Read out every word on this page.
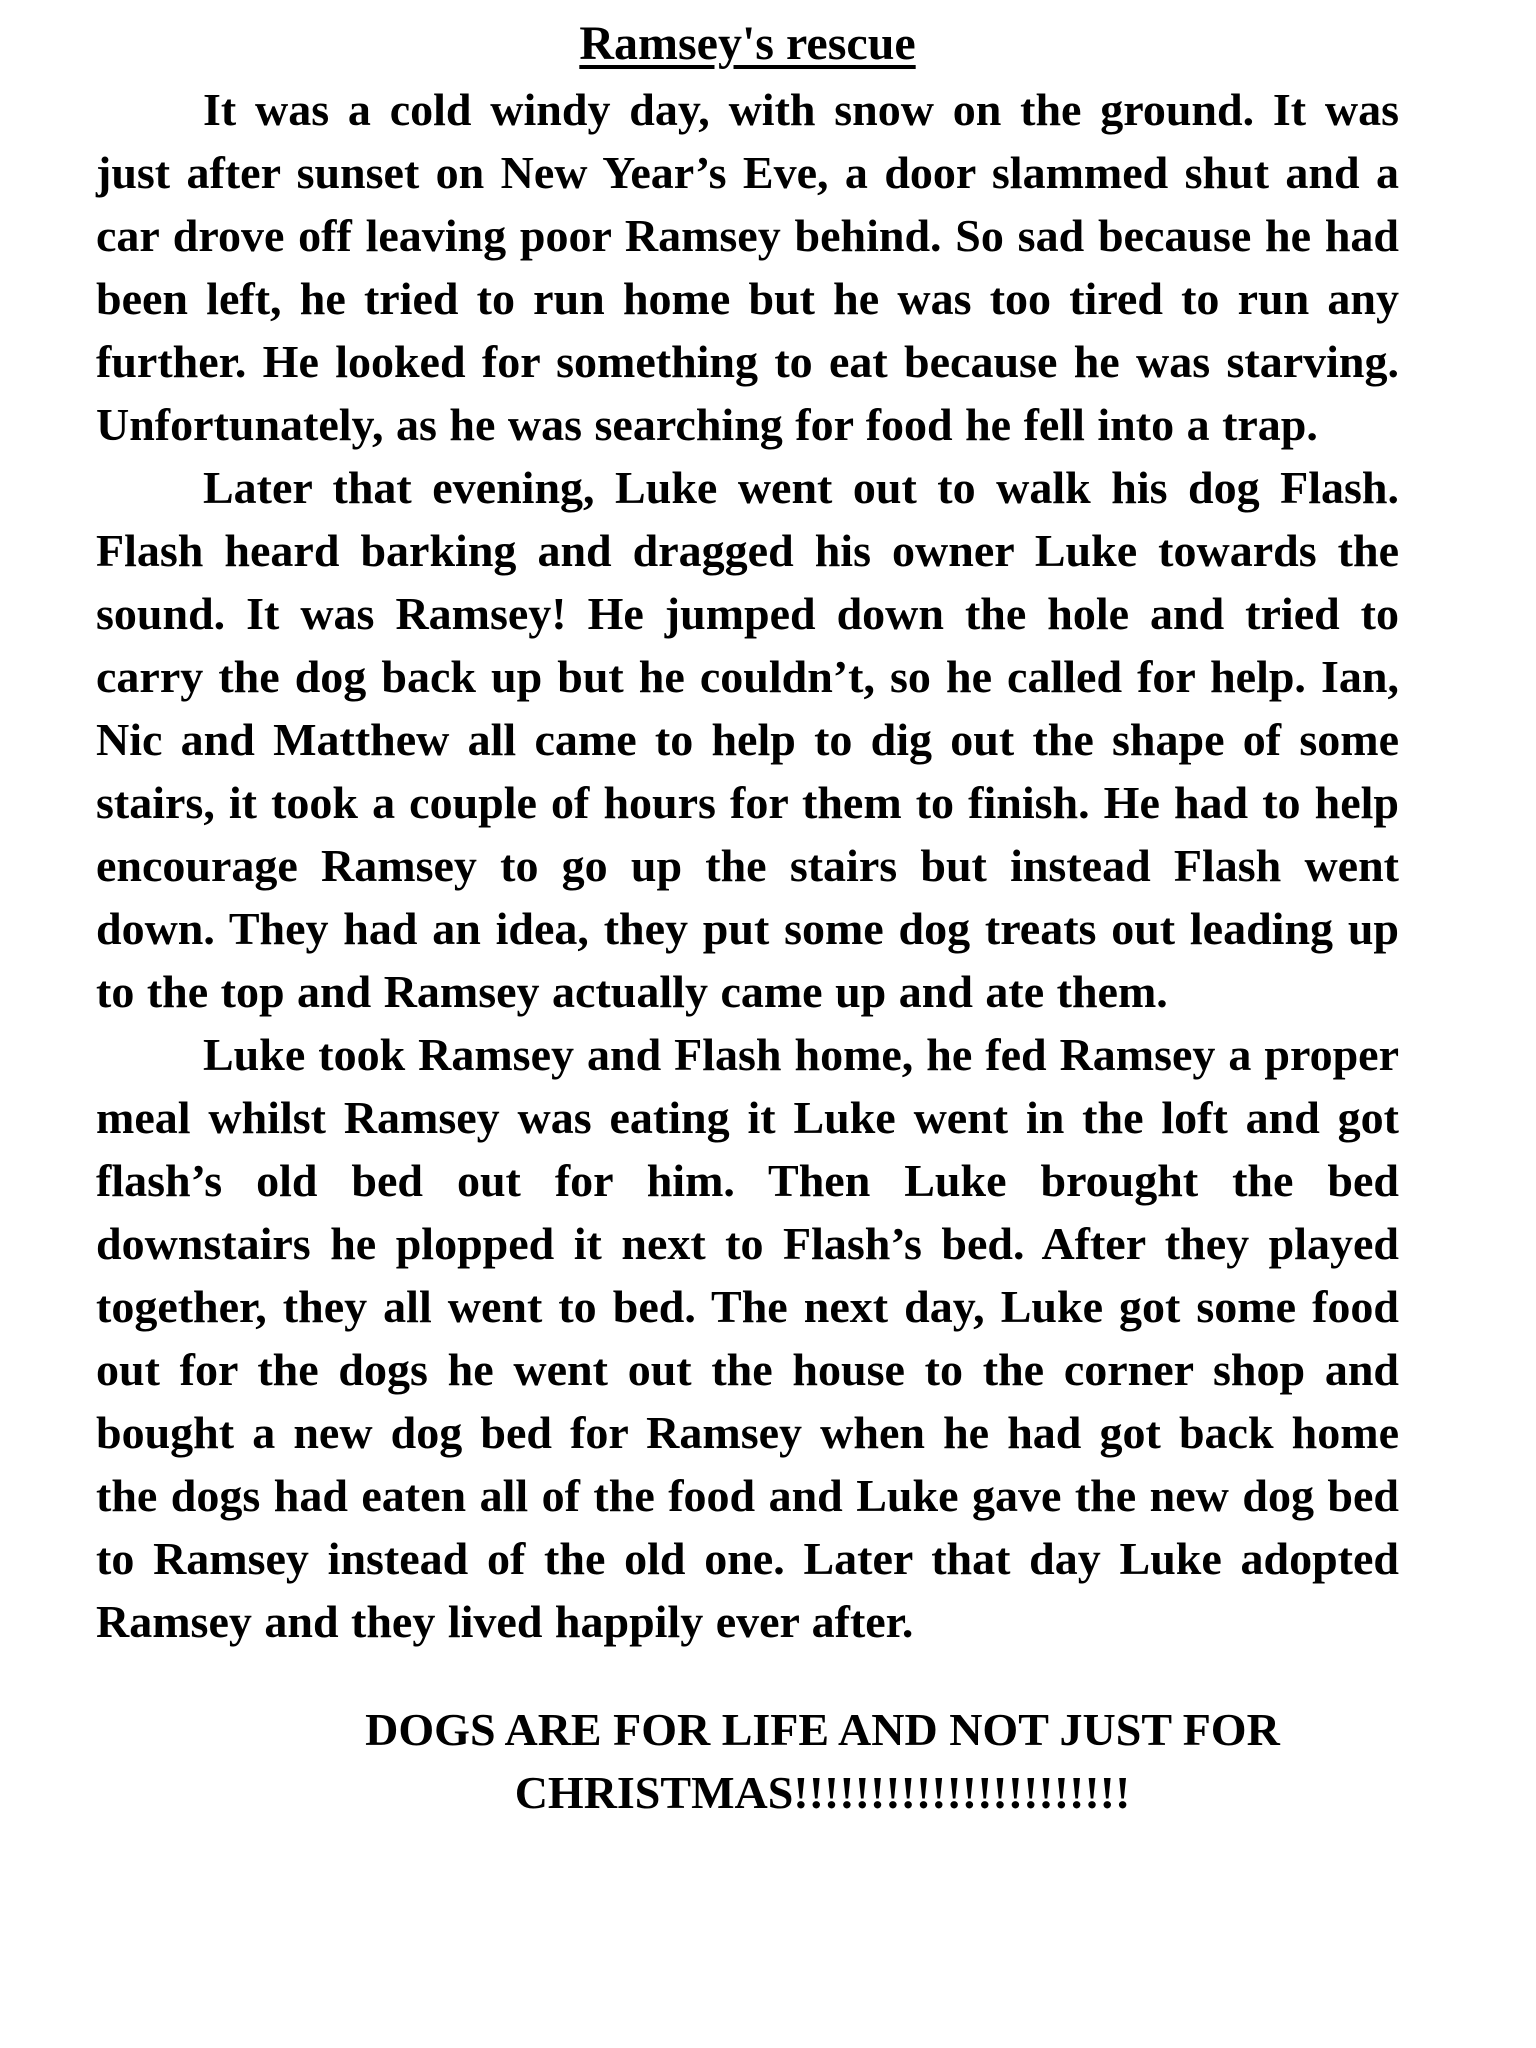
Ramsey's rescue

It was a cold windy day, with snow on the ground. It was just after sunset on New Year’s Eve, a door slammed shut and a car drove off leaving poor Ramsey behind. So sad because he had been left, he tried to run home but he was too tired to run any further. He looked for something to eat because he was starving. Unfortunately, as he was searching for food he fell into a trap.

Later that evening, Luke went out to walk his dog Flash. Flash heard barking and dragged his owner Luke towards the sound. It was Ramsey! He jumped down the hole and tried to carry the dog back up but he couldn’t, so he called for help. Ian, Nic and Matthew all came to help to dig out the shape of some stairs, it took a couple of hours for them to finish. He had to help encourage Ramsey to go up the stairs but instead Flash went down. They had an idea, they put some dog treats out leading up to the top and Ramsey actually came up and ate them.

Luke took Ramsey and Flash home, he fed Ramsey a proper meal whilst Ramsey was eating it Luke went in the loft and got flash’s old bed out for him. Then Luke brought the bed downstairs he plopped it next to Flash’s bed. After they played together, they all went to bed. The next day, Luke got some food out for the dogs he went out the house to the corner shop and bought a new dog bed for Ramsey when he had got back home the dogs had eaten all of the food and Luke gave the new dog bed to Ramsey instead of the old one. Later that day Luke adopted Ramsey and they lived happily ever after.

DOGS ARE FOR LIFE AND NOT JUST FOR
CHRISTMAS!!!!!!!!!!!!!!!!!!!!!!
